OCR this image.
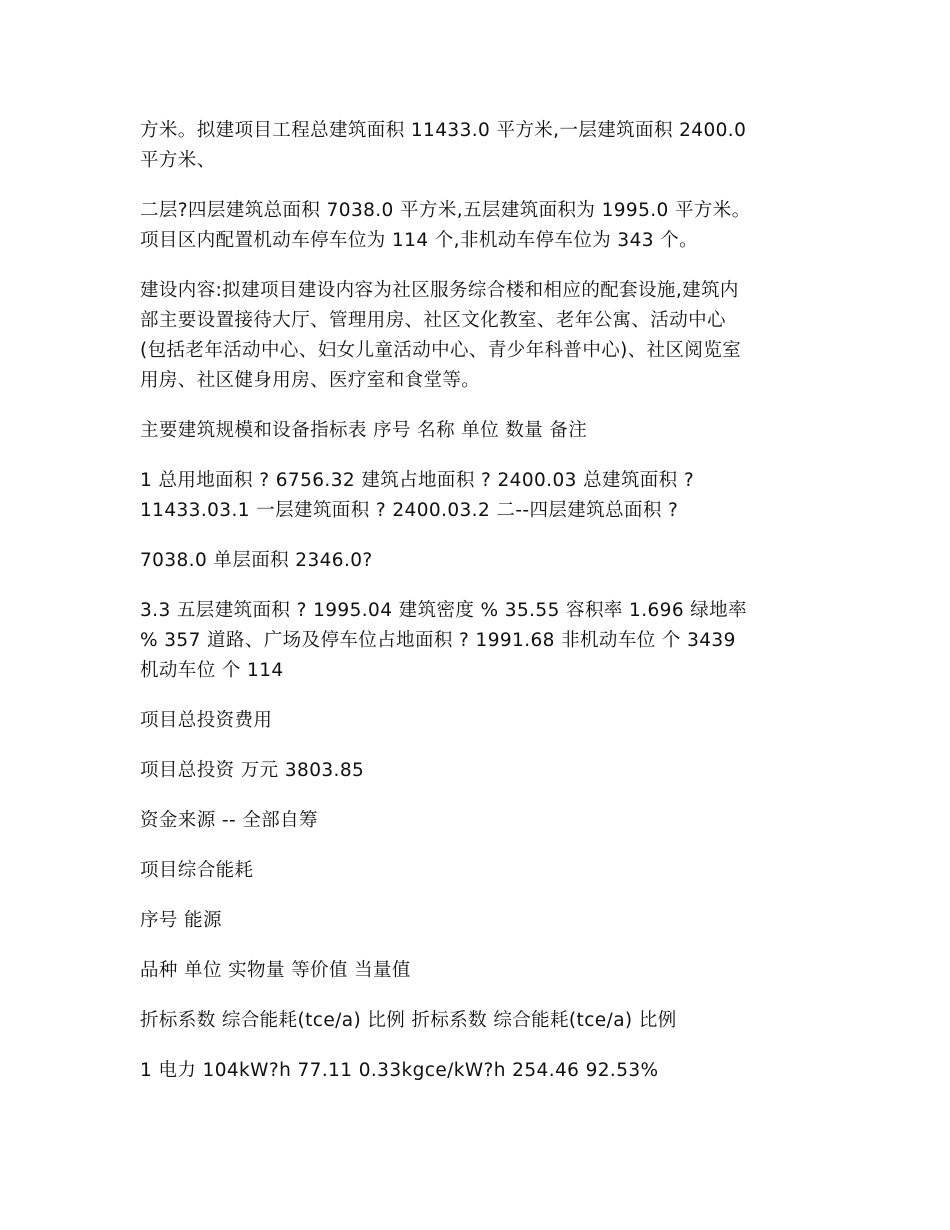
方米。拟建项目工程总建筑面积 11433.0 平方米,一层建筑面积 2400.0
平方米、

二层?四层建筑总面积 7038.0 平方米,五层建筑面积为 1995.0 平方米。
项目区内配置机动车停车位为 114 个,非机动车停车位为 343 个。

建设内容:拟建项目建设内容为社区服务综合楼和相应的配套设施,建筑内
部主要设置接待大厅、管理用房、社区文化教室、老年公寓、活动中心
(包括老年活动中心、妇女儿童活动中心、青少年科普中心)、社区阅览室
用房、社区健身用房、医疗室和食堂等。

主要建筑规模和设备指标表 序号 名称 单位 数量 备注

1 总用地面积 ? 6756.32 建筑占地面积 ? 2400.03 总建筑面积 ?
11433.03.1 一层建筑面积 ? 2400.03.2 二--四层建筑总面积 ?

7038.0 单层面积 2346.0?

3.3 五层建筑面积 ? 1995.04 建筑密度 % 35.55 容积率 1.696 绿地率
% 357 道路、广场及停车位占地面积 ? 1991.68 非机动车位 个 3439
机动车位 个 114

项目总投资费用

项目总投资 万元 3803.85

资金来源 -- 全部自筹

项目综合能耗

序号 能源

品种 单位 实物量 等价值 当量值

折标系数 综合能耗(tce/a) 比例 折标系数 综合能耗(tce/a) 比例

1 电力 104kW?h 77.11 0.33kgce/kW?h 254.46 92.53%
